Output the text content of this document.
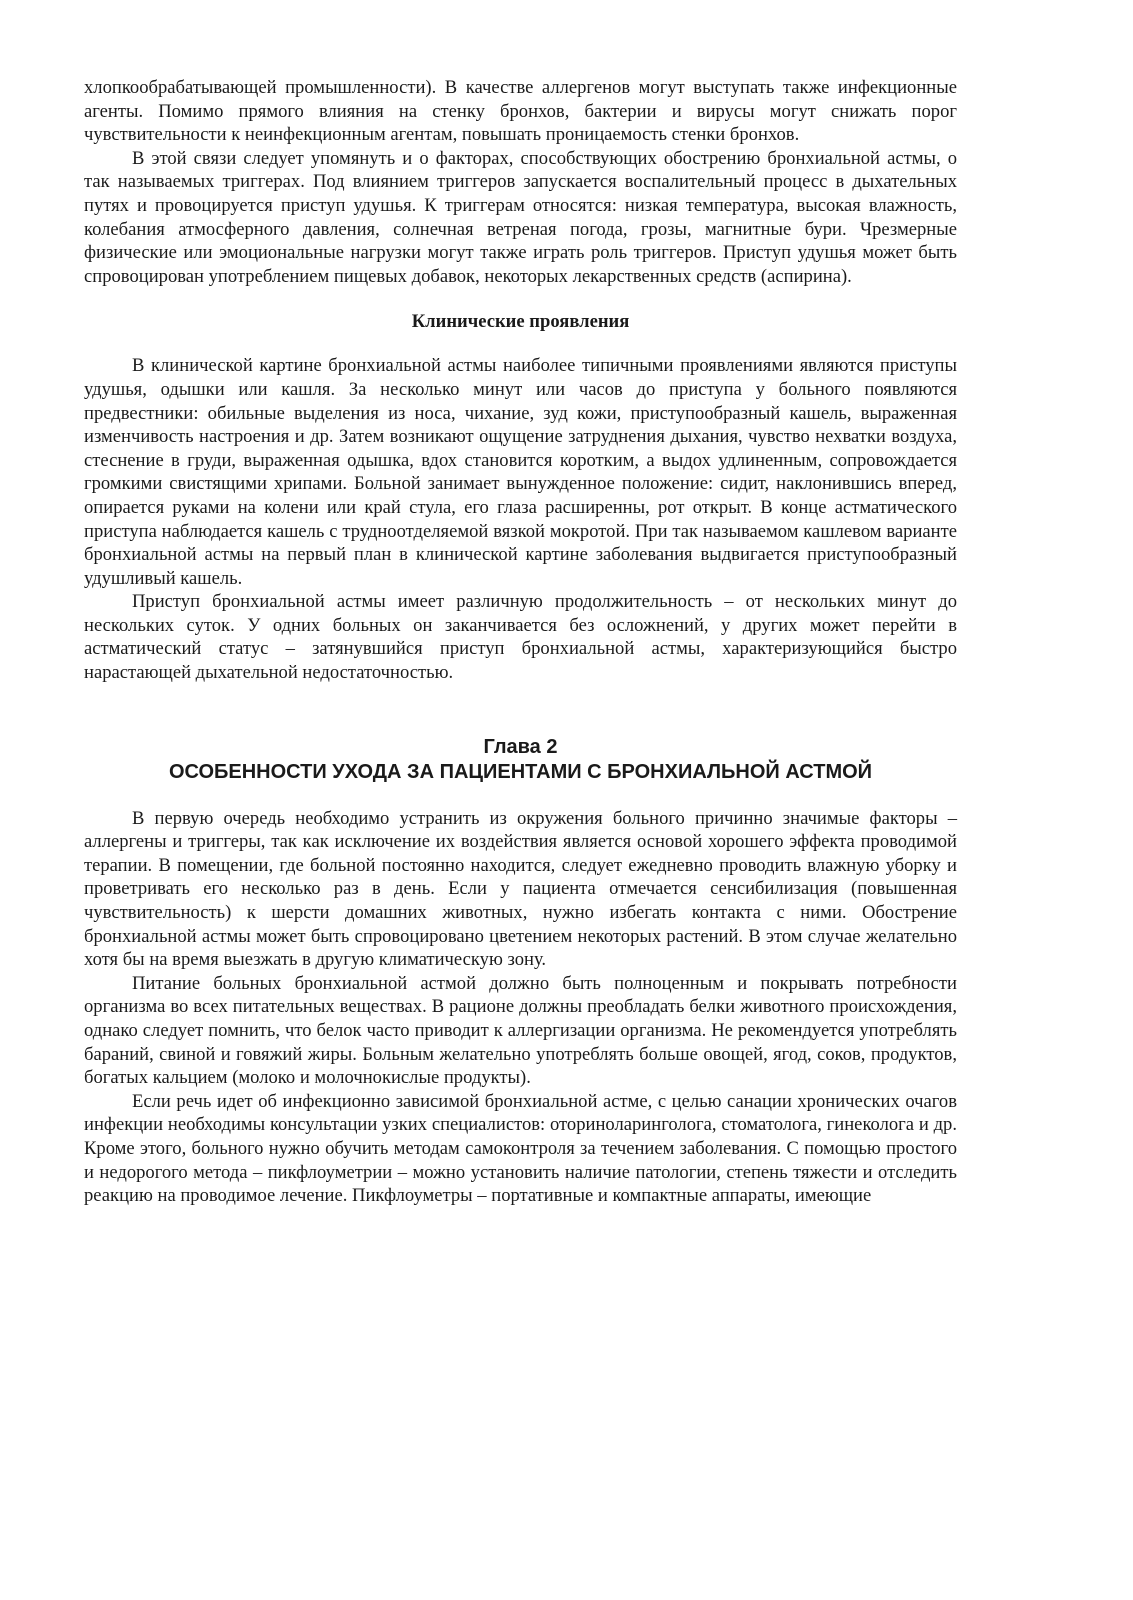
хлопкообрабатывающей промышленности). В качестве аллергенов могут выступать также инфекционные агенты. Помимо прямого влияния на стенку бронхов, бактерии и вирусы могут снижать порог чувствительности к неинфекционным агентам, повышать проницаемость стенки бронхов.

В этой связи следует упомянуть и о факторах, способствующих обострению бронхиальной астмы, о так называемых триггерах. Под влиянием триггеров запускается воспалительный процесс в дыхательных путях и провоцируется приступ удушья. К триггерам относятся: низкая температура, высокая влажность, колебания атмосферного давления, солнечная ветреная погода, грозы, магнитные бури. Чрезмерные физические или эмоциональные нагрузки могут также играть роль триггеров. Приступ удушья может быть спровоцирован употреблением пищевых добавок, некоторых лекарственных средств (аспирина).

Клинические проявления

В клинической картине бронхиальной астмы наиболее типичными проявлениями являются приступы удушья, одышки или кашля. За несколько минут или часов до приступа у больного появляются предвестники: обильные выделения из носа, чихание, зуд кожи, приступообразный кашель, выраженная изменчивость настроения и др. Затем возникают ощущение затруднения дыхания, чувство нехватки воздуха, стеснение в груди, выраженная одышка, вдох становится коротким, а выдох удлиненным, сопровождается громкими свистящими хрипами. Больной занимает вынужденное положение: сидит, наклонившись вперед, опирается руками на колени или край стула, его глаза расширенны, рот открыт. В конце астматического приступа наблюдается кашель с трудноотделяемой вязкой мокротой. При так называемом кашлевом варианте бронхиальной астмы на первый план в клинической картине заболевания выдвигается приступообразный удушливый кашель.

Приступ бронхиальной астмы имеет различную продолжительность – от нескольких минут до нескольких суток. У одних больных он заканчивается без осложнений, у других может перейти в астматический статус – затянувшийся приступ бронхиальной астмы, характеризующийся быстро нарастающей дыхательной недостаточностью.

Глава 2
ОСОБЕННОСТИ УХОДА ЗА ПАЦИЕНТАМИ С БРОНХИАЛЬНОЙ АСТМОЙ

В первую очередь необходимо устранить из окружения больного причинно значимые факторы – аллергены и триггеры, так как исключение их воздействия является основой хорошего эффекта проводимой терапии. В помещении, где больной постоянно находится, следует ежедневно проводить влажную уборку и проветривать его несколько раз в день. Если у пациента отмечается сенсибилизация (повышенная чувствительность) к шерсти домашних животных, нужно избегать контакта с ними. Обострение бронхиальной астмы может быть спровоцировано цветением некоторых растений. В этом случае желательно хотя бы на время выезжать в другую климатическую зону.

Питание больных бронхиальной астмой должно быть полноценным и покрывать потребности организма во всех питательных веществах. В рационе должны преобладать белки животного происхождения, однако следует помнить, что белок часто приводит к аллергизации организма. Не рекомендуется употреблять бараний, свиной и говяжий жиры. Больным желательно употреблять больше овощей, ягод, соков, продуктов, богатых кальцием (молоко и молочнокислые продукты).

Если речь идет об инфекционно зависимой бронхиальной астме, с целью санации хронических очагов инфекции необходимы консультации узких специалистов: оториноларинголога, стоматолога, гинеколога и др. Кроме этого, больного нужно обучить методам самоконтроля за течением заболевания. С помощью простого и недорогого метода – пикфлоуметрии – можно установить наличие патологии, степень тяжести и отследить реакцию на проводимое лечение. Пикфлоуметры – портативные и компактные аппараты, имеющие
